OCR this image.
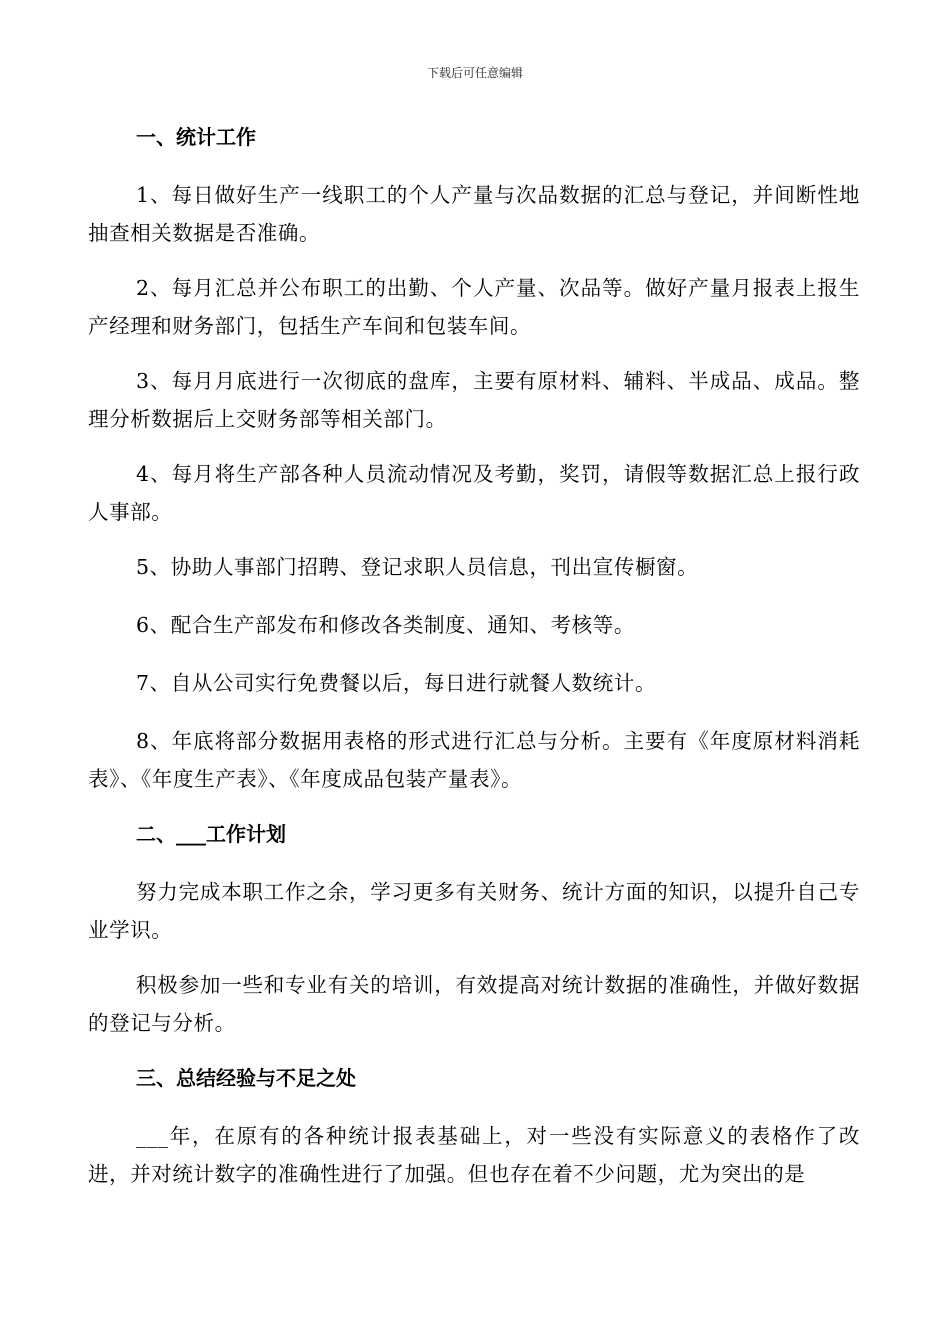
下载后可任意编辑
一、统计工作

1、每日做好生产一线职工的个人产量与次品数据的汇总与登记，并间断性地抽查相关数据是否准确。

2、每月汇总并公布职工的出勤、个人产量、次品等。做好产量月报表上报生产经理和财务部门，包括生产车间和包装车间。

3、每月月底进行一次彻底的盘库，主要有原材料、辅料、半成品、成品。整理分析数据后上交财务部等相关部门。

4、每月将生产部各种人员流动情况及考勤，奖罚，请假等数据汇总上报行政人事部。

5、协助人事部门招聘、登记求职人员信息，刊出宣传橱窗。

6、配合生产部发布和修改各类制度、通知、考核等。

7、自从公司实行免费餐以后，每日进行就餐人数统计。

8、年底将部分数据用表格的形式进行汇总与分析。主要有《年度原材料消耗表》、《年度生产表》、《年度成品包装产量表》。

二、___工作计划

努力完成本职工作之余，学习更多有关财务、统计方面的知识，以提升自己专业学识。

积极参加一些和专业有关的培训，有效提高对统计数据的准确性，并做好数据的登记与分析。

三、总结经验与不足之处

___年，在原有的各种统计报表基础上，对一些没有实际意义的表格作了改进，并对统计数字的准确性进行了加强。但也存在着不少问题，尤为突出的是
